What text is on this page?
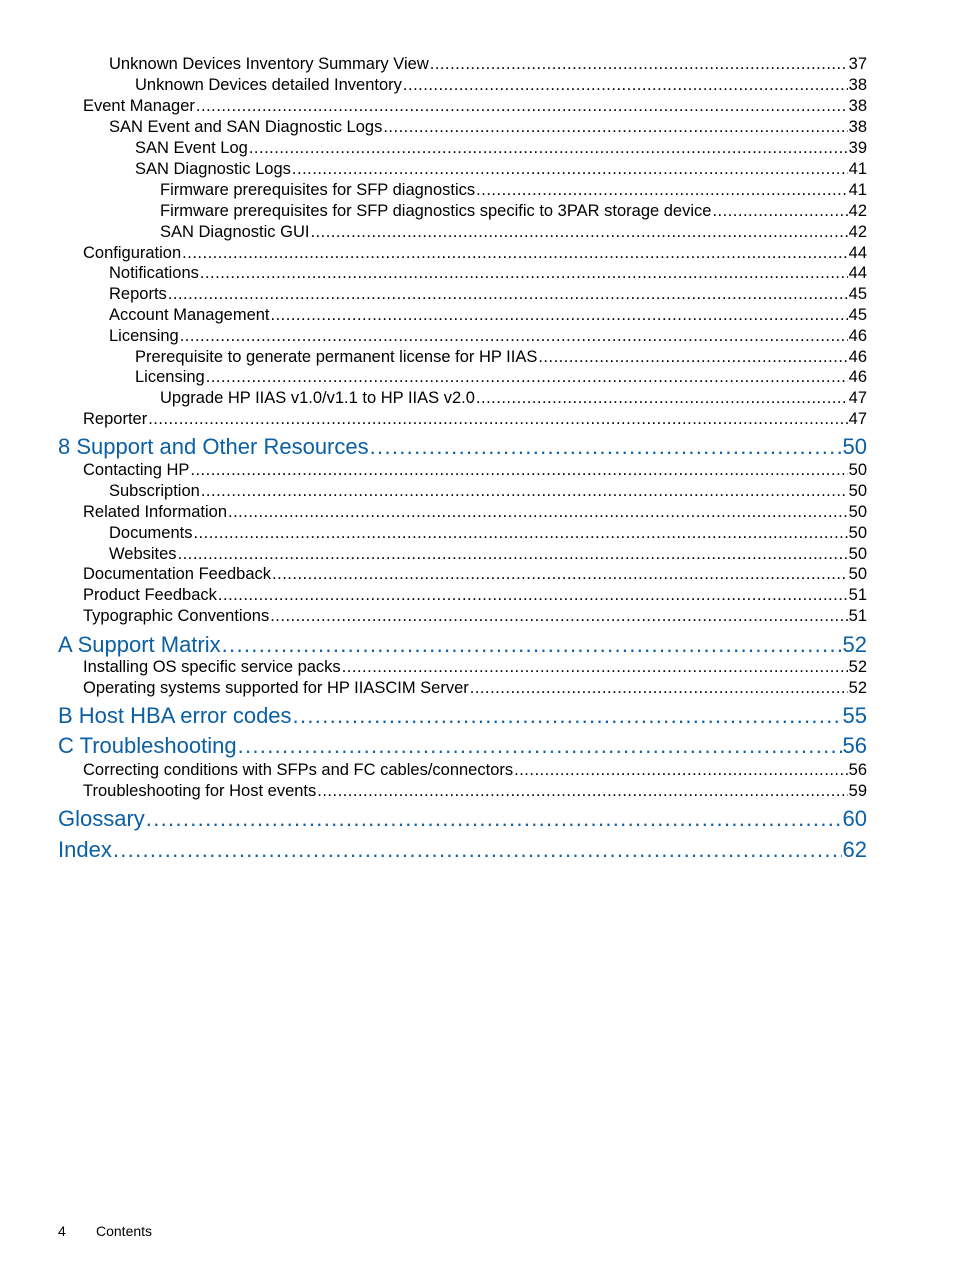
Unknown Devices Inventory Summary View .....	37
Unknown Devices detailed Inventory .....	38
Event Manager .....	38
SAN Event and SAN Diagnostic Logs .....	38
SAN Event Log .....	39
SAN Diagnostic Logs .....	41
Firmware prerequisites for SFP diagnostics .....	41
Firmware prerequisites for SFP diagnostics specific to 3PAR storage device .....	42
SAN Diagnostic GUI .....	42
Configuration .....	44
Notifications .....	44
Reports .....	45
Account Management .....	45
Licensing .....	46
Prerequisite to generate permanent license for HP IIAS .....	46
Licensing .....	46
Upgrade HP IIAS v1.0/v1.1 to HP IIAS v2.0 .....	47
Reporter .....	47
8 Support and Other Resources .....	50
Contacting HP .....	50
Subscription .....	50
Related Information .....	50
Documents .....	50
Websites .....	50
Documentation Feedback .....	50
Product Feedback .....	51
Typographic Conventions .....	51
A Support Matrix .....	52
Installing OS specific service packs .....	52
Operating systems supported for HP IIASCIM Server .....	52
B Host HBA error codes .....	55
C Troubleshooting .....	56
Correcting conditions with SFPs and FC cables/connectors .....	56
Troubleshooting for Host events .....	59
Glossary .....	60
Index .....	62
4	Contents
